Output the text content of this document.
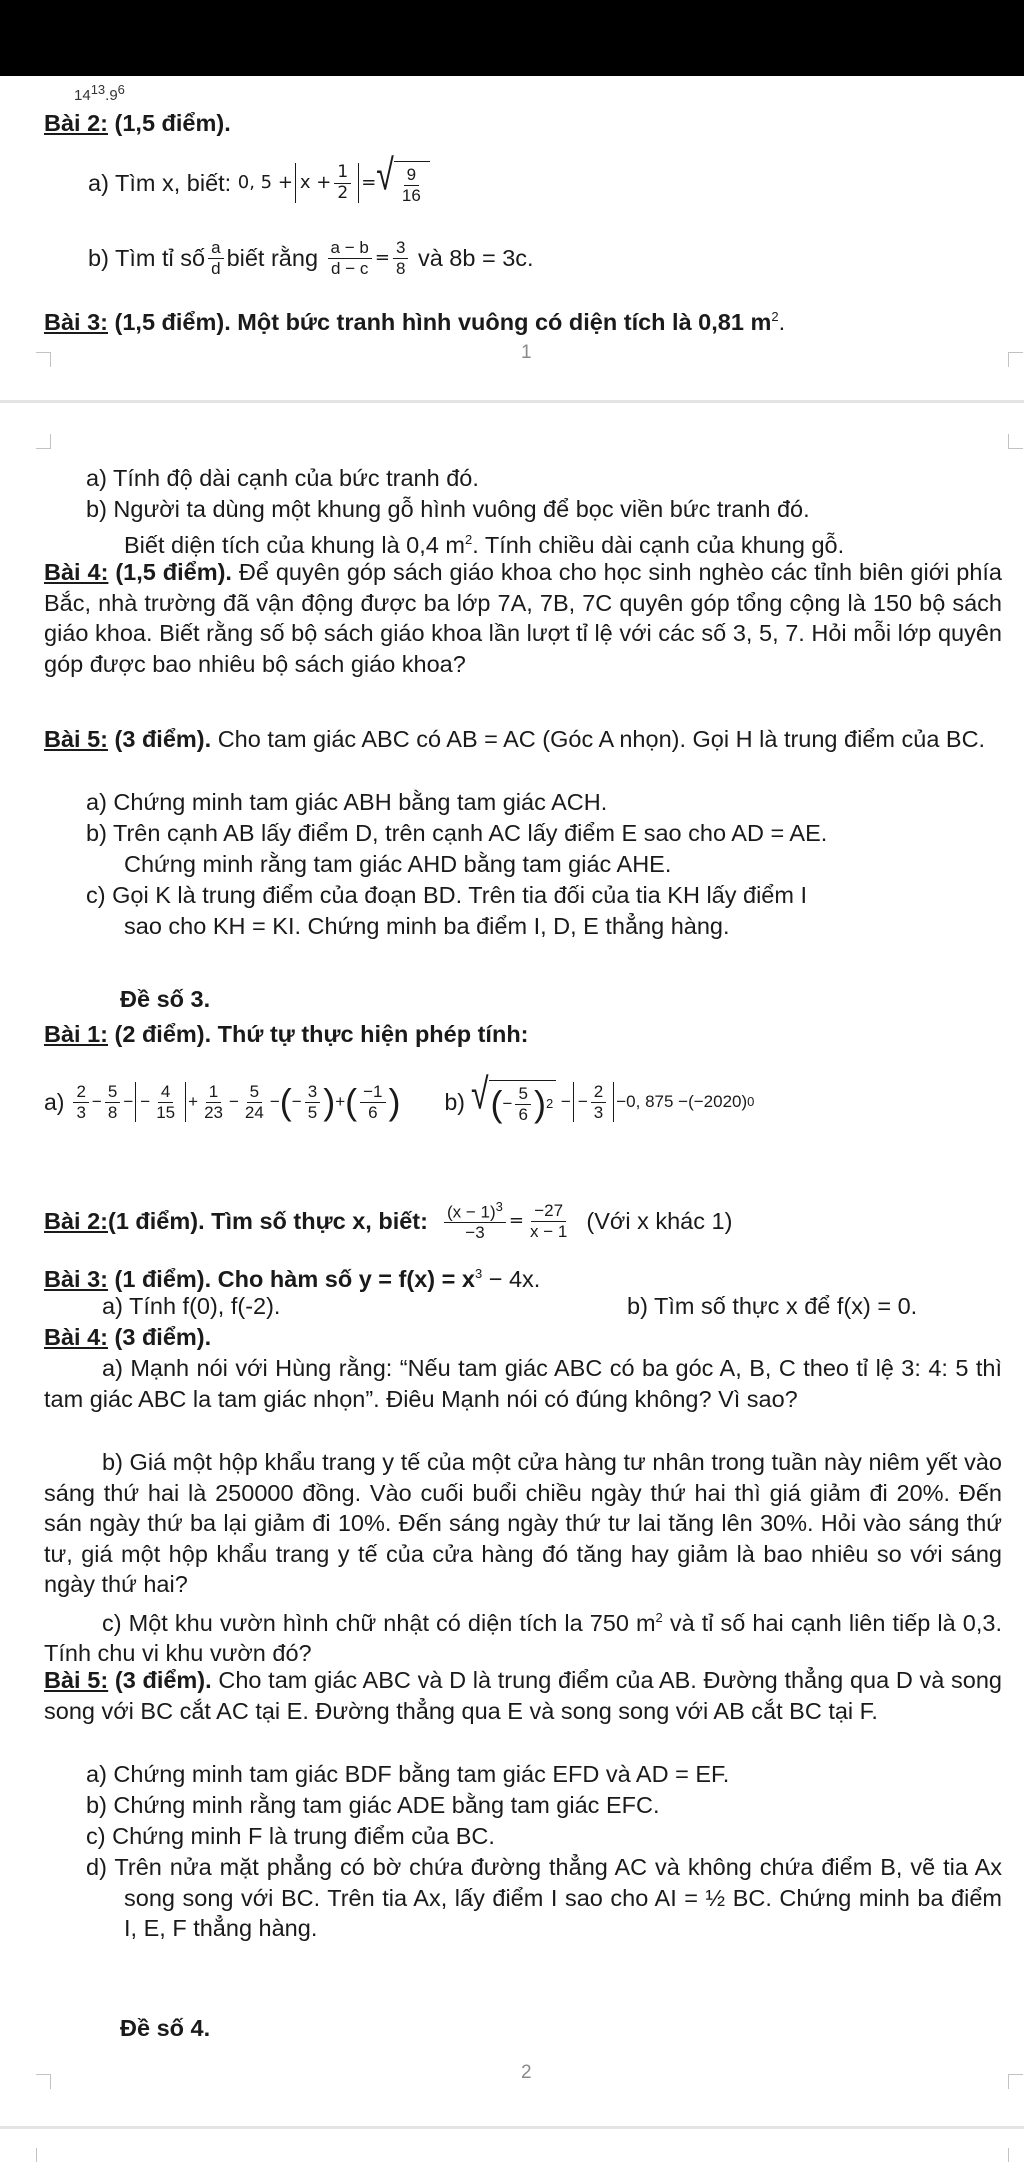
$14^{13}.9^6$
Bài 2: (1,5 điểm).
a) Tìm x, biết:
0, $5 + x + \frac{1}{2}$ = √ $\frac{9}{16}$
b) Tìm tỉ số $\frac{a}{d}$ biết rằng
$\frac{a - b}{d - c} = \frac{3}{8}$
và 8b = 3c.
Bài 3: (1,5 điểm). Một bức tranh hình vuông có diện tích là 0,81 $m^2$.
1
a) Tính độ dài cạnh của bức tranh đó.
b) Người ta dùng một khung gỗ hình vuông để bọc viền bức tranh đó.
Biết diện tích của khung là 0,4 $m^2$. Tính chiều dài cạnh của khung gỗ.
Bài 4: (1,5 điểm). Để quyên góp sách giáo khoa cho học sinh nghèo các tỉnh biên giới phía Bắc, nhà trường đã vận động được ba lớp 7A, 7B, 7C quyên góp tổng cộng là 150 bộ sách giáo khoa. Biết rằng số bộ sách giáo khoa lần lượt tỉ lệ với các số 3, 5, 7. Hỏi mỗi lớp quyên góp được bao nhiêu bộ sách giáo khoa?
Bài 5: (3 điểm). Cho tam giác ABC có AB = AC (Góc A nhọn). Gọi H là trung điểm của BC.
a) Chứng minh tam giác ABH bằng tam giác ACH.
b) Trên cạnh AB lấy điểm D, trên cạnh AC lấy điểm E sao cho AD = AE.
Chứng minh rằng tam giác AHD bằng tam giác AHE.
c) Gọi K là trung điểm của đoạn BD. Trên tia đối của tia KH lấy điểm I
sao cho KH = KI. Chứng minh ba điểm I, D, E thẳng hàng.
Đề số 3.
Bài 1: (2 điểm). Thứ tự thực hiện phép tính:
$a) \frac{2}{3} - \frac{5}{8}$ − − $\frac{4}{15} + \frac{1}{23} - \frac{5}{24}$ − ( − $\frac{3}{5}$ ) + ( $\frac{-1}{6}$ ) b) √ ( − $\frac{5}{6}$ ) 2 − − $\frac{2}{3} -0$, 875 −(−2020) 0
Bài 2: (1 điểm). Tìm số thực x, biết:
$\frac{(x - 1)^3}{-3} = \frac{-27}{x - 1}$
(Với x khác 1)
Bài 3: (1 điểm). Cho hàm số $y = f(x) = x^3 - 4x$.
a) Tính f(0), f(-2).	b) Tìm số thực x để f(x) = 0.
Bài 4: (3 điểm).
a) Mạnh nói với Hùng rằng: “Nếu tam giác ABC có ba góc A, B, C theo tỉ lệ 3: 4: 5 thì tam giác ABC la tam giác nhọn”. Điêu Mạnh nói có đúng không? Vì sao?
b) Giá một hộp khẩu trang y tế của một cửa hàng tư nhân trong tuần này niêm yết vào sáng thứ hai là 250000 đồng. Vào cuối buổi chiều ngày thứ hai thì giá giảm đi 20%. Đến sán ngày thứ ba lại giảm đi 10%. Đến sáng ngày thứ tư lai tăng lên 30%. Hỏi vào sáng thứ tư, giá một hộp khẩu trang y tế của cửa hàng đó tăng hay giảm là bao nhiêu so với sáng ngày thứ hai?
c) Một khu vườn hình chữ nhật có diện tích la 750 $m^2$ và tỉ số hai cạnh liên tiếp là 0,3. Tính chu vi khu vườn đó?
Bài 5: (3 điểm). Cho tam giác ABC và D là trung điểm của AB. Đường thẳng qua D và song song với BC cắt AC tại E. Đường thẳng qua E và song song với AB cắt BC tại F.
a) Chứng minh tam giác BDF bằng tam giác EFD và AD = EF.
b) Chứng minh rằng tam giác ADE bằng tam giác EFC.
c) Chứng minh F là trung điểm của BC.
d) Trên nửa mặt phẳng có bờ chứa đường thẳng AC và không chứa điểm B, vẽ tia Ax song song với BC. Trên tia Ax, lấy điểm I sao cho AI = ½ BC. Chứng minh ba điểm I, E, F thẳng hàng.
Đề số 4.
2
